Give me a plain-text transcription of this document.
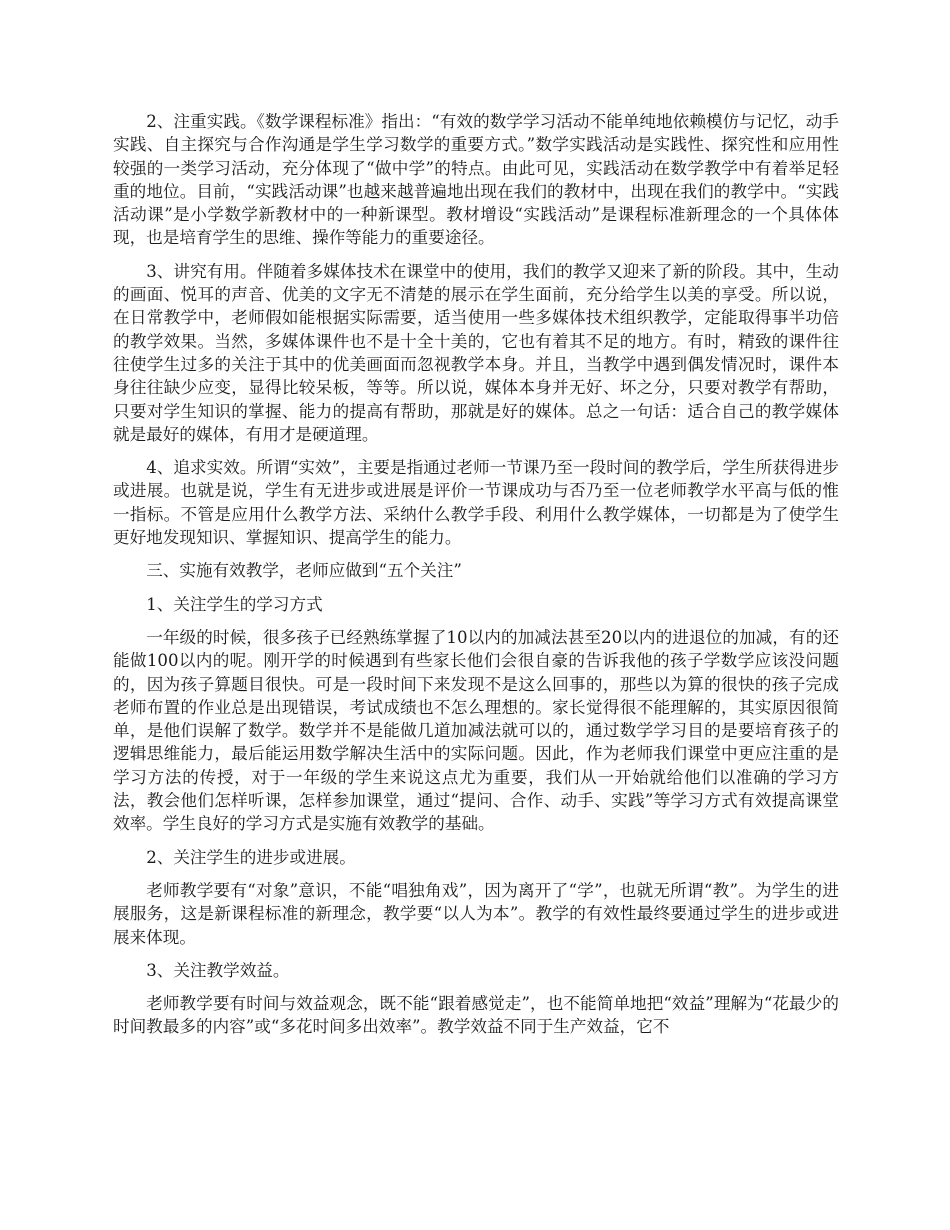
2、注重实践。《数学课程标准》指出：“有效的数学学习活动不能单纯地依赖模仿与记忆，动手实践、自主探究与合作沟通是学生学习数学的重要方式。”数学实践活动是实践性、探究性和应用性较强的一类学习活动，充分体现了“做中学”的特点。由此可见，实践活动在数学教学中有着举足轻重的地位。目前，“实践活动课”也越来越普遍地出现在我们的教材中，出现在我们的教学中。“实践活动课”是小学数学新教材中的一种新课型。教材增设“实践活动”是课程标准新理念的一个具体体现，也是培育学生的思维、操作等能力的重要途径。

3、讲究有用。伴随着多媒体技术在课堂中的使用，我们的教学又迎来了新的阶段。其中，生动的画面、悦耳的声音、优美的文字无不清楚的展示在学生面前，充分给学生以美的享受。所以说，在日常教学中，老师假如能根据实际需要，适当使用一些多媒体技术组织教学，定能取得事半功倍的教学效果。当然，多媒体课件也不是十全十美的，它也有着其不足的地方。有时，精致的课件往往使学生过多的关注于其中的优美画面而忽视教学本身。并且，当教学中遇到偶发情况时，课件本身往往缺少应变，显得比较呆板，等等。所以说，媒体本身并无好、坏之分，只要对教学有帮助，只要对学生知识的掌握、能力的提高有帮助，那就是好的媒体。总之一句话：适合自己的教学媒体就是最好的媒体，有用才是硬道理。

4、追求实效。所谓“实效”，主要是指通过老师一节课乃至一段时间的教学后，学生所获得进步或进展。也就是说，学生有无进步或进展是评价一节课成功与否乃至一位老师教学水平高与低的惟一指标。不管是应用什么教学方法、采纳什么教学手段、利用什么教学媒体，一切都是为了使学生更好地发现知识、掌握知识、提高学生的能力。

三、实施有效教学，老师应做到“五个关注”

1、关注学生的学习方式

一年级的时候，很多孩子已经熟练掌握了10以内的加减法甚至20以内的进退位的加减，有的还能做100以内的呢。刚开学的时候遇到有些家长他们会很自豪的告诉我他的孩子学数学应该没问题的，因为孩子算题目很快。可是一段时间下来发现不是这么回事的，那些以为算的很快的孩子完成老师布置的作业总是出现错误，考试成绩也不怎么理想的。家长觉得很不能理解的，其实原因很简单，是他们误解了数学。数学并不是能做几道加减法就可以的，通过数学学习目的是要培育孩子的逻辑思维能力，最后能运用数学解决生活中的实际问题。因此，作为老师我们课堂中更应注重的是学习方法的传授，对于一年级的学生来说这点尤为重要，我们从一开始就给他们以准确的学习方法，教会他们怎样听课，怎样参加课堂，通过“提问、合作、动手、实践”等学习方式有效提高课堂效率。学生良好的学习方式是实施有效教学的基础。

2、关注学生的进步或进展。

老师教学要有“对象”意识，不能“唱独角戏”，因为离开了“学”，也就无所谓“教”。为学生的进展服务，这是新课程标准的新理念，教学要“以人为本”。教学的有效性最终要通过学生的进步或进展来体现。

3、关注教学效益。

老师教学要有时间与效益观念，既不能“跟着感觉走”，也不能简单地把“效益”理解为“花最少的时间教最多的内容”或“多花时间多出效率”。教学效益不同于生产效益，它不
